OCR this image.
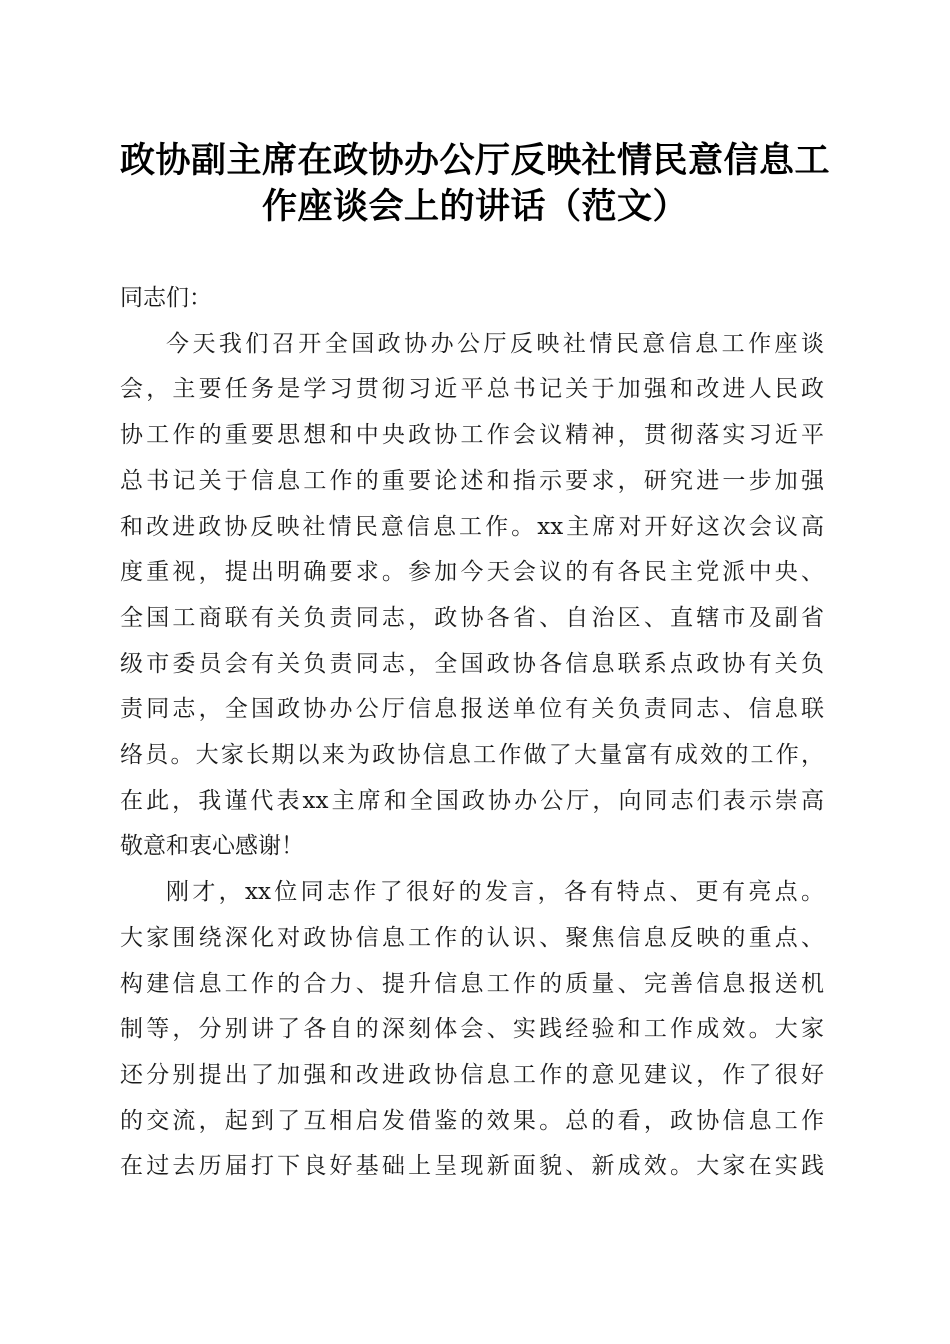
政协副主席在政协办公厅反映社情民意信息工
作座谈会上的讲话（范文）
同志们：
今天我们召开全国政协办公厅反映社情民意信息工作座谈
会，主要任务是学习贯彻习近平总书记关于加强和改进人民政
协工作的重要思想和中央政协工作会议精神，贯彻落实习近平
总书记关于信息工作的重要论述和指示要求，研究进一步加强
和改进政协反映社情民意信息工作。xx主席对开好这次会议高
度重视，提出明确要求。参加今天会议的有各民主党派中央、
全国工商联有关负责同志，政协各省、自治区、直辖市及副省
级市委员会有关负责同志，全国政协各信息联系点政协有关负
责同志，全国政协办公厅信息报送单位有关负责同志、信息联
络员。大家长期以来为政协信息工作做了大量富有成效的工作，
在此，我谨代表xx主席和全国政协办公厅，向同志们表示崇高
敬意和衷心感谢！
刚才，xx位同志作了很好的发言，各有特点、更有亮点。
大家围绕深化对政协信息工作的认识、聚焦信息反映的重点、
构建信息工作的合力、提升信息工作的质量、完善信息报送机
制等，分别讲了各自的深刻体会、实践经验和工作成效。大家
还分别提出了加强和改进政协信息工作的意见建议，作了很好
的交流，起到了互相启发借鉴的效果。总的看，政协信息工作
在过去历届打下良好基础上呈现新面貌、新成效。大家在实践
